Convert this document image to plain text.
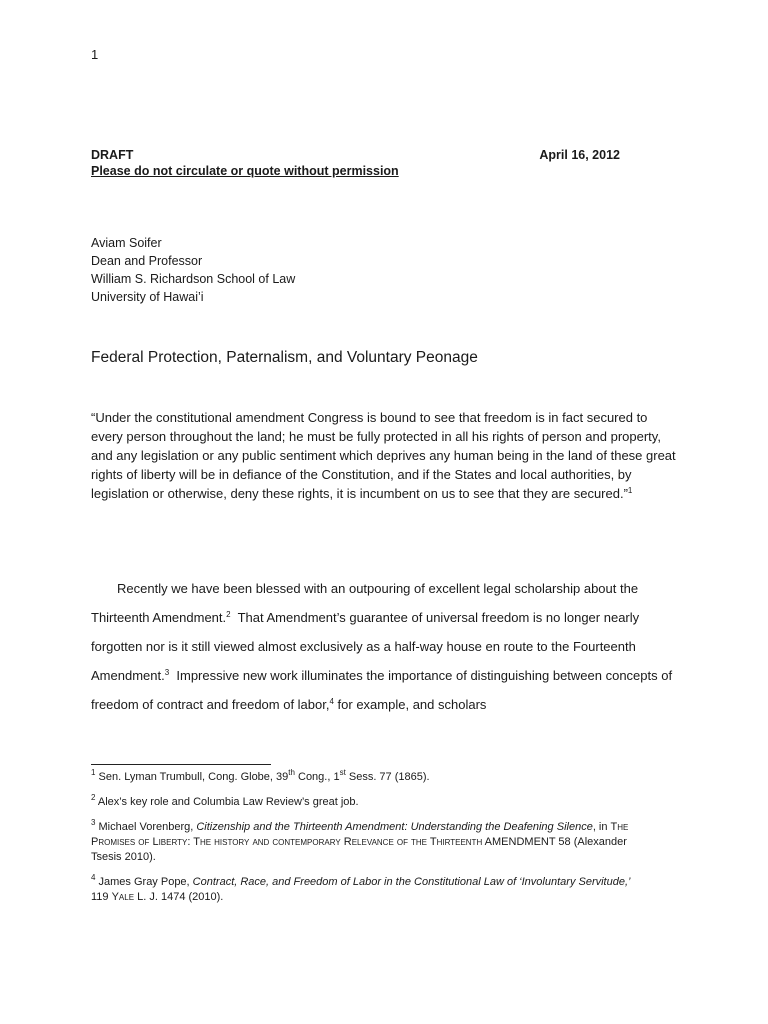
1
DRAFT	April 16, 2012
Please do not circulate or quote without permission
Aviam Soifer
Dean and Professor
William S. Richardson School of Law
University of Hawai’i
Federal Protection, Paternalism, and Voluntary Peonage
“Under the constitutional amendment Congress is bound to see that freedom is in fact secured to every person throughout the land; he must be fully protected in all his rights of person and property, and any legislation or any public sentiment which deprives any human being in the land of these great rights of liberty will be in defiance of the Constitution, and if the States and local authorities, by legislation or otherwise, deny these rights, it is incumbent on us to see that they are secured.”$^1$

Recently we have been blessed with an outpouring of excellent legal scholarship about the Thirteenth Amendment.$^2$ That Amendment’s guarantee of universal freedom is no longer nearly forgotten nor is it still viewed almost exclusively as a half-way house en route to the Fourteenth Amendment.$^3$ Impressive new work illuminates the importance of distinguishing between concepts of freedom of contract and freedom of labor,$^4$ for example, and scholars

$^1$ Sen. Lyman Trumbull, Cong. Globe, 39th Cong., 1st Sess. 77 (1865).
$^2$ Alex’s key role and Columbia Law Review’s great job.
$^3$ Michael Vorenberg, Citizenship and the Thirteenth Amendment: Understanding the Deafening Silence, in The Promises of Liberty: The history and contemporary Relevance of the Thirteenth AMENDMENT 58 (Alexander Tsesis 2010).
$^4$ James Gray Pope, Contract, Race, and Freedom of Labor in the Constitutional Law of ‘Involuntary Servitude,’
119 Yale L. J. 1474 (2010).
